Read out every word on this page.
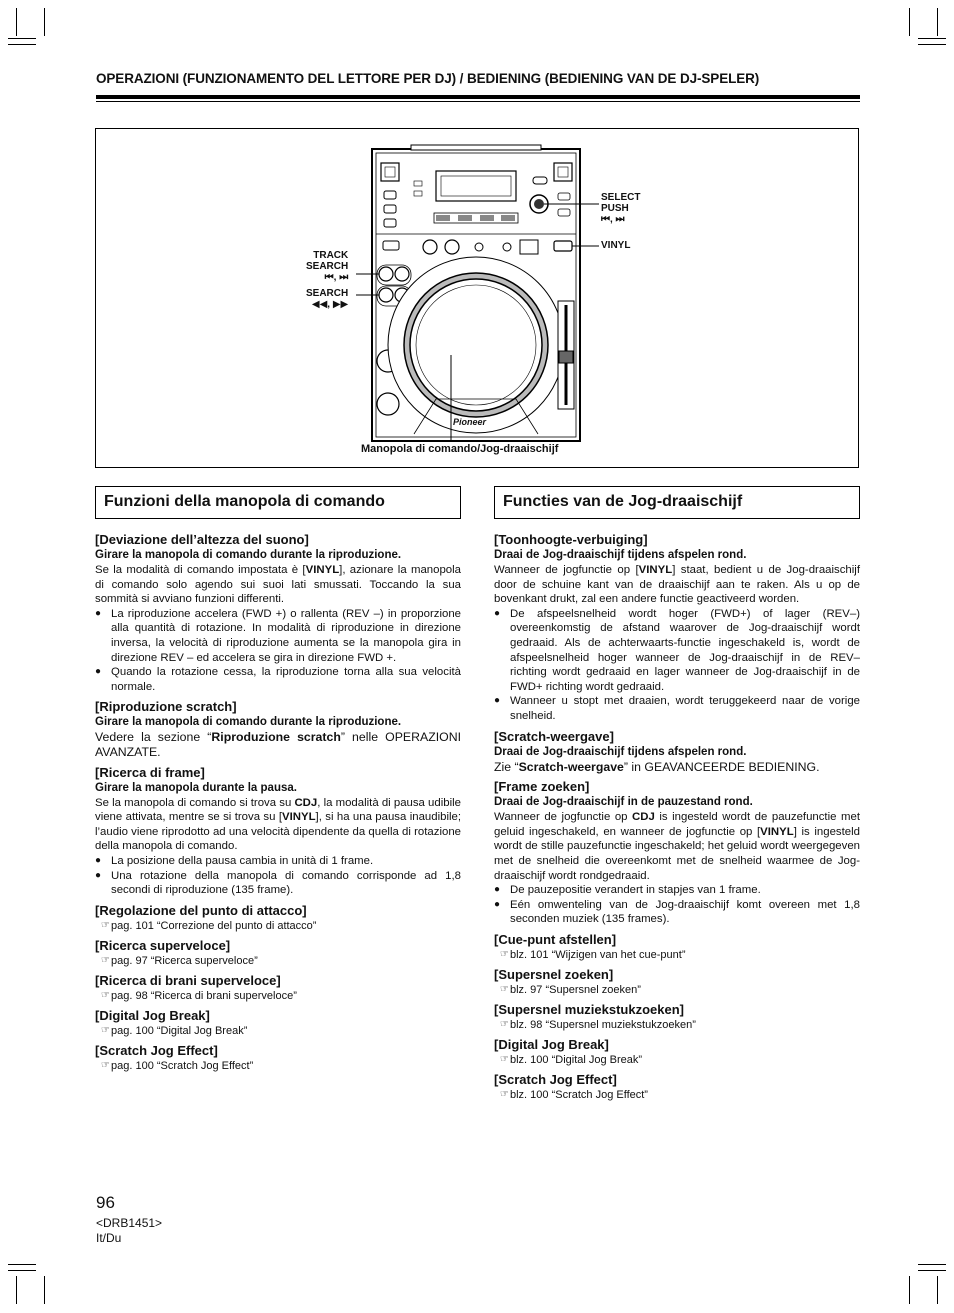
OPERAZIONI (FUNZIONAMENTO DEL LETTORE PER DJ) / BEDIENING (BEDIENING VAN DE DJ-SPELER)
Pioneer
SELECT
PUSH
⏮, ⏭
VINYL
TRACK
SEARCH
⏮, ⏭
SEARCH
◀◀, ▶▶
Manopola di comando/Jog-draaischijf
Funzioni della manopola di comando	Functies van de Jog-draaischijf
[Deviazione dell’altezza del suono]
Girare la manopola di comando durante la riproduzione.
Se la modalità di comando impostata è [VINYL], azionare la manopola di comando solo agendo sui suoi lati smussati. Toccando la sua sommità si avviano funzioni differenti.
● La riproduzione accelera (FWD +) o rallenta (REV –) in proporzione alla quantità di rotazione. In modalità di riproduzione in direzione inversa, la velocità di riproduzione aumenta se la manopola gira in direzione REV – ed accelera se gira in direzione FWD +.
● Quando la rotazione cessa, la riproduzione torna alla sua velocità normale.
[Riproduzione scratch]
Girare la manopola di comando durante la riproduzione.
Vedere la sezione “Riproduzione scratch” nelle OPERAZIONI AVANZATE.
[Ricerca di frame]
Girare la manopola durante la pausa.
Se la manopola di comando si trova su CDJ, la modalità di pausa udibile viene attivata, mentre se si trova su [VINYL], si ha una pausa inaudibile; l’audio viene riprodotto ad una velocità dipendente da quella di rotazione della manopola di comando.
● La posizione della pausa cambia in unità di 1 frame.
● Una rotazione della manopola di comando corrisponde ad 1,8 secondi di riproduzione (135 frame).
[Regolazione del punto di attacco]
☞ pag. 101 “Correzione del punto di attacco”
[Ricerca superveloce]
☞ pag. 97 “Ricerca superveloce”
[Ricerca di brani superveloce]
☞ pag. 98 “Ricerca di brani superveloce”
[Digital Jog Break]
☞ pag. 100 “Digital Jog Break”
[Scratch Jog Effect]
☞ pag. 100 “Scratch Jog Effect”
[Toonhoogte-verbuiging]
Draai de Jog-draaischijf tijdens afspelen rond.
Wanneer de jogfunctie op [VINYL] staat, bedient u de Jog-draaischijf door de schuine kant van de draaischijf aan te raken. Als u op de bovenkant drukt, zal een andere functie geactiveerd worden.
● De afspeelsnelheid wordt hoger (FWD+) of lager (REV–) overeenkomstig de afstand waarover de Jog-draaischijf wordt gedraaid. Als de achterwaarts-functie ingeschakeld is, wordt de afspeelsnelheid hoger wanneer de Jog-draaischijf in de REV– richting wordt gedraaid en lager wanneer de Jog-draaischijf in de FWD+ richting wordt gedraaid.
● Wanneer u stopt met draaien, wordt teruggekeerd naar de vorige snelheid.
[Scratch-weergave]
Draai de Jog-draaischijf tijdens afspelen rond.
Zie “Scratch-weergave” in GEAVANCEERDE BEDIENING.
[Frame zoeken]
Draai de Jog-draaischijf in de pauzestand rond.
Wanneer de jogfunctie op CDJ is ingesteld wordt de pauzefunctie met geluid ingeschakeld, en wanneer de jogfunctie op [VINYL] is ingesteld wordt de stille pauzefunctie ingeschakeld; het geluid wordt weergegeven met de snelheid die overeenkomt met de snelheid waarmee de Jog-draaischijf wordt rondgedraaid.
● De pauzepositie verandert in stapjes van 1 frame.
● Eén omwenteling van de Jog-draaischijf komt overeen met 1,8 seconden muziek (135 frames).
[Cue-punt afstellen]
☞ blz. 101 “Wijzigen van het cue-punt”
[Supersnel zoeken]
☞ blz. 97 “Supersnel zoeken”
[Supersnel muziekstukzoeken]
☞ blz. 98 “Supersnel muziekstukzoeken”
[Digital Jog Break]
☞ blz. 100 “Digital Jog Break”
[Scratch Jog Effect]
☞ blz. 100 “Scratch Jog Effect”
96
<DRB1451>
It/Du
